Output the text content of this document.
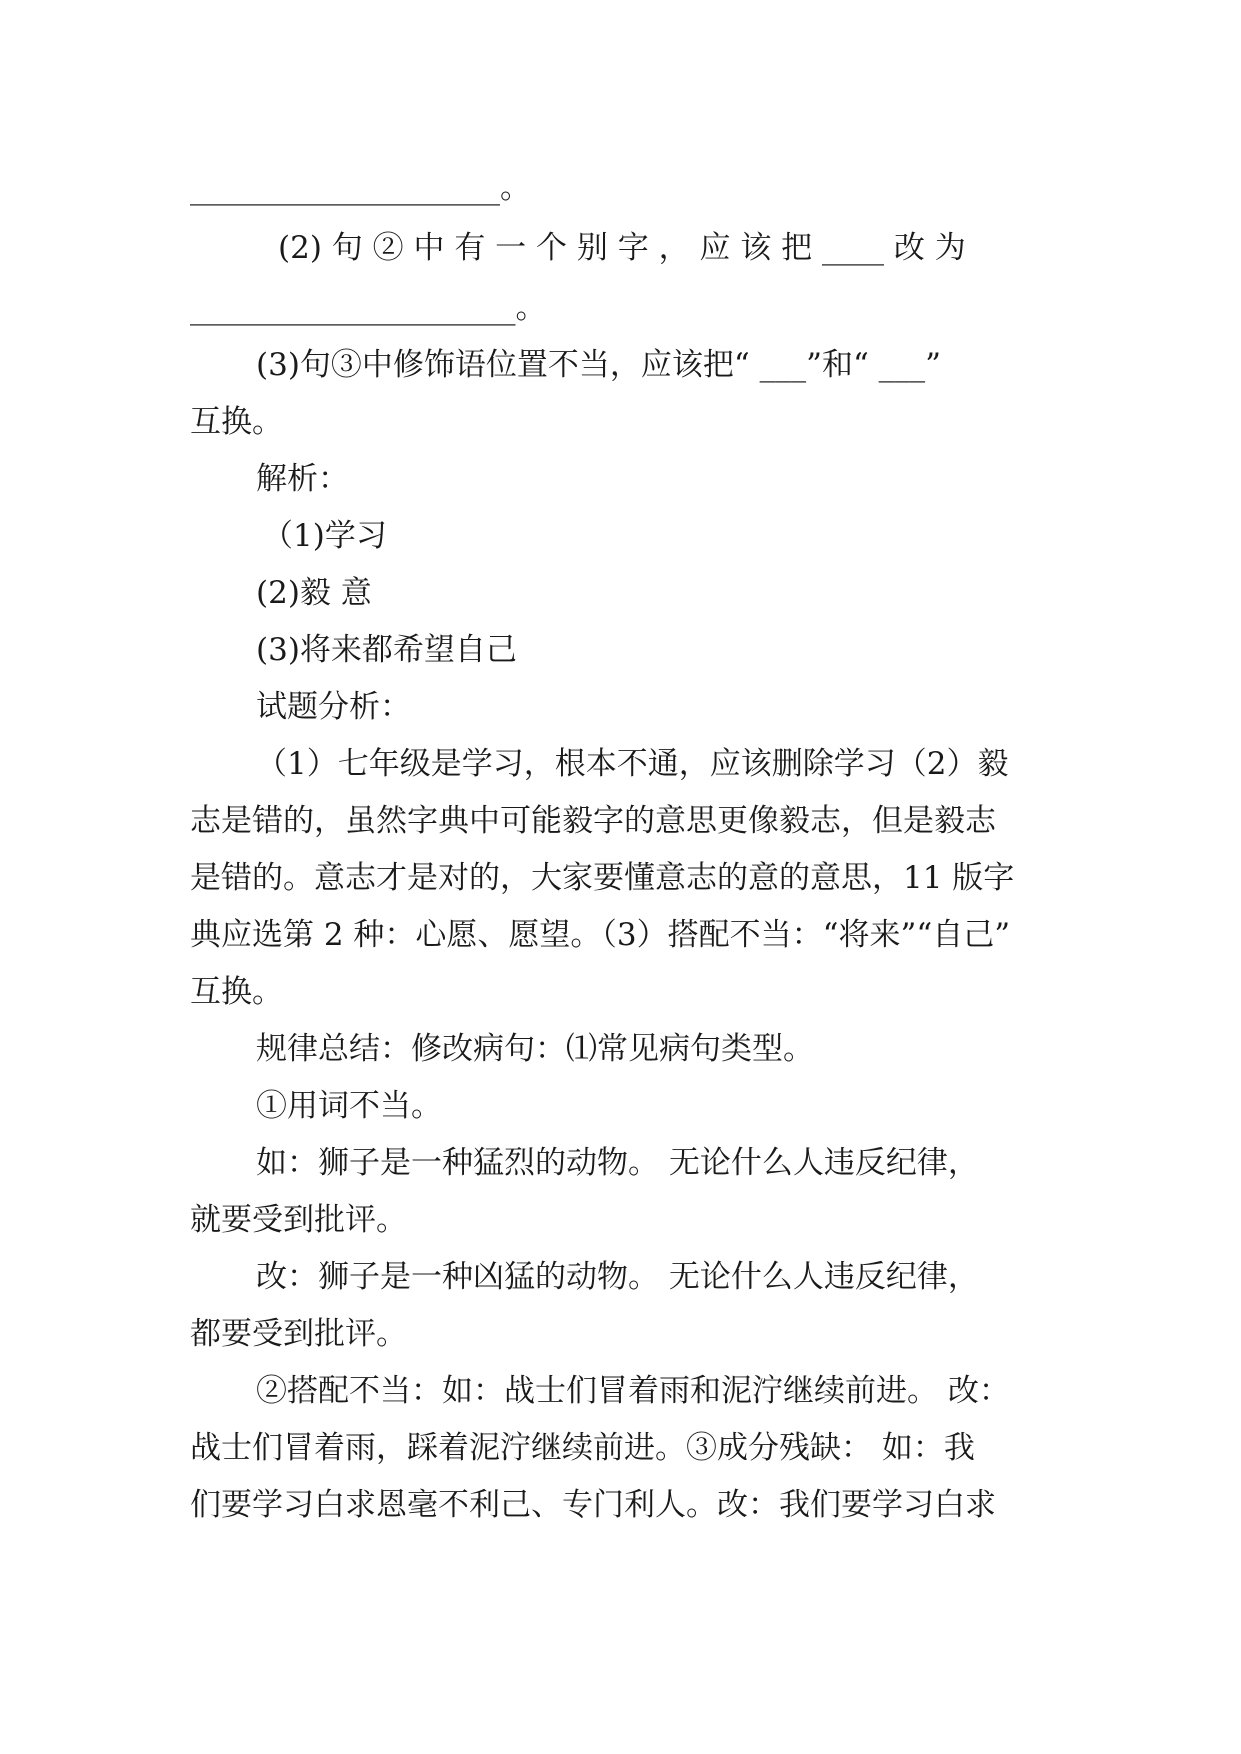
____________________。
(2) 句 ② 中 有 一 个 别 字 ， 应 该 把 ____ 改 为
_____________________。
(3)句③中修饰语位置不当，应该把“ ___”和“ ___”
互换。
解析：
（1)学习
(2)毅 意
(3)将来都希望自己
试题分析：
（1）七年级是学习，根本不通，应该删除学习（2）毅
志是错的，虽然字典中可能毅字的意思更像毅志，但是毅志
是错的。意志才是对的，大家要懂意志的意的意思，11 版字
典应选第 2 种：心愿、愿望。（3）搭配不当：“将来”“自己”
互换。
规律总结：修改病句：⑴常见病句类型。
①用词不当。
如：狮子是一种猛烈的动物。 无论什么人违反纪律，
就要受到批评。
改：狮子是一种凶猛的动物。 无论什么人违反纪律，
都要受到批评。
②搭配不当：如：战士们冒着雨和泥泞继续前进。 改：
战士们冒着雨，踩着泥泞继续前进。③成分残缺： 如：我
们要学习白求恩毫不利己、专门利人。改：我们要学习白求
